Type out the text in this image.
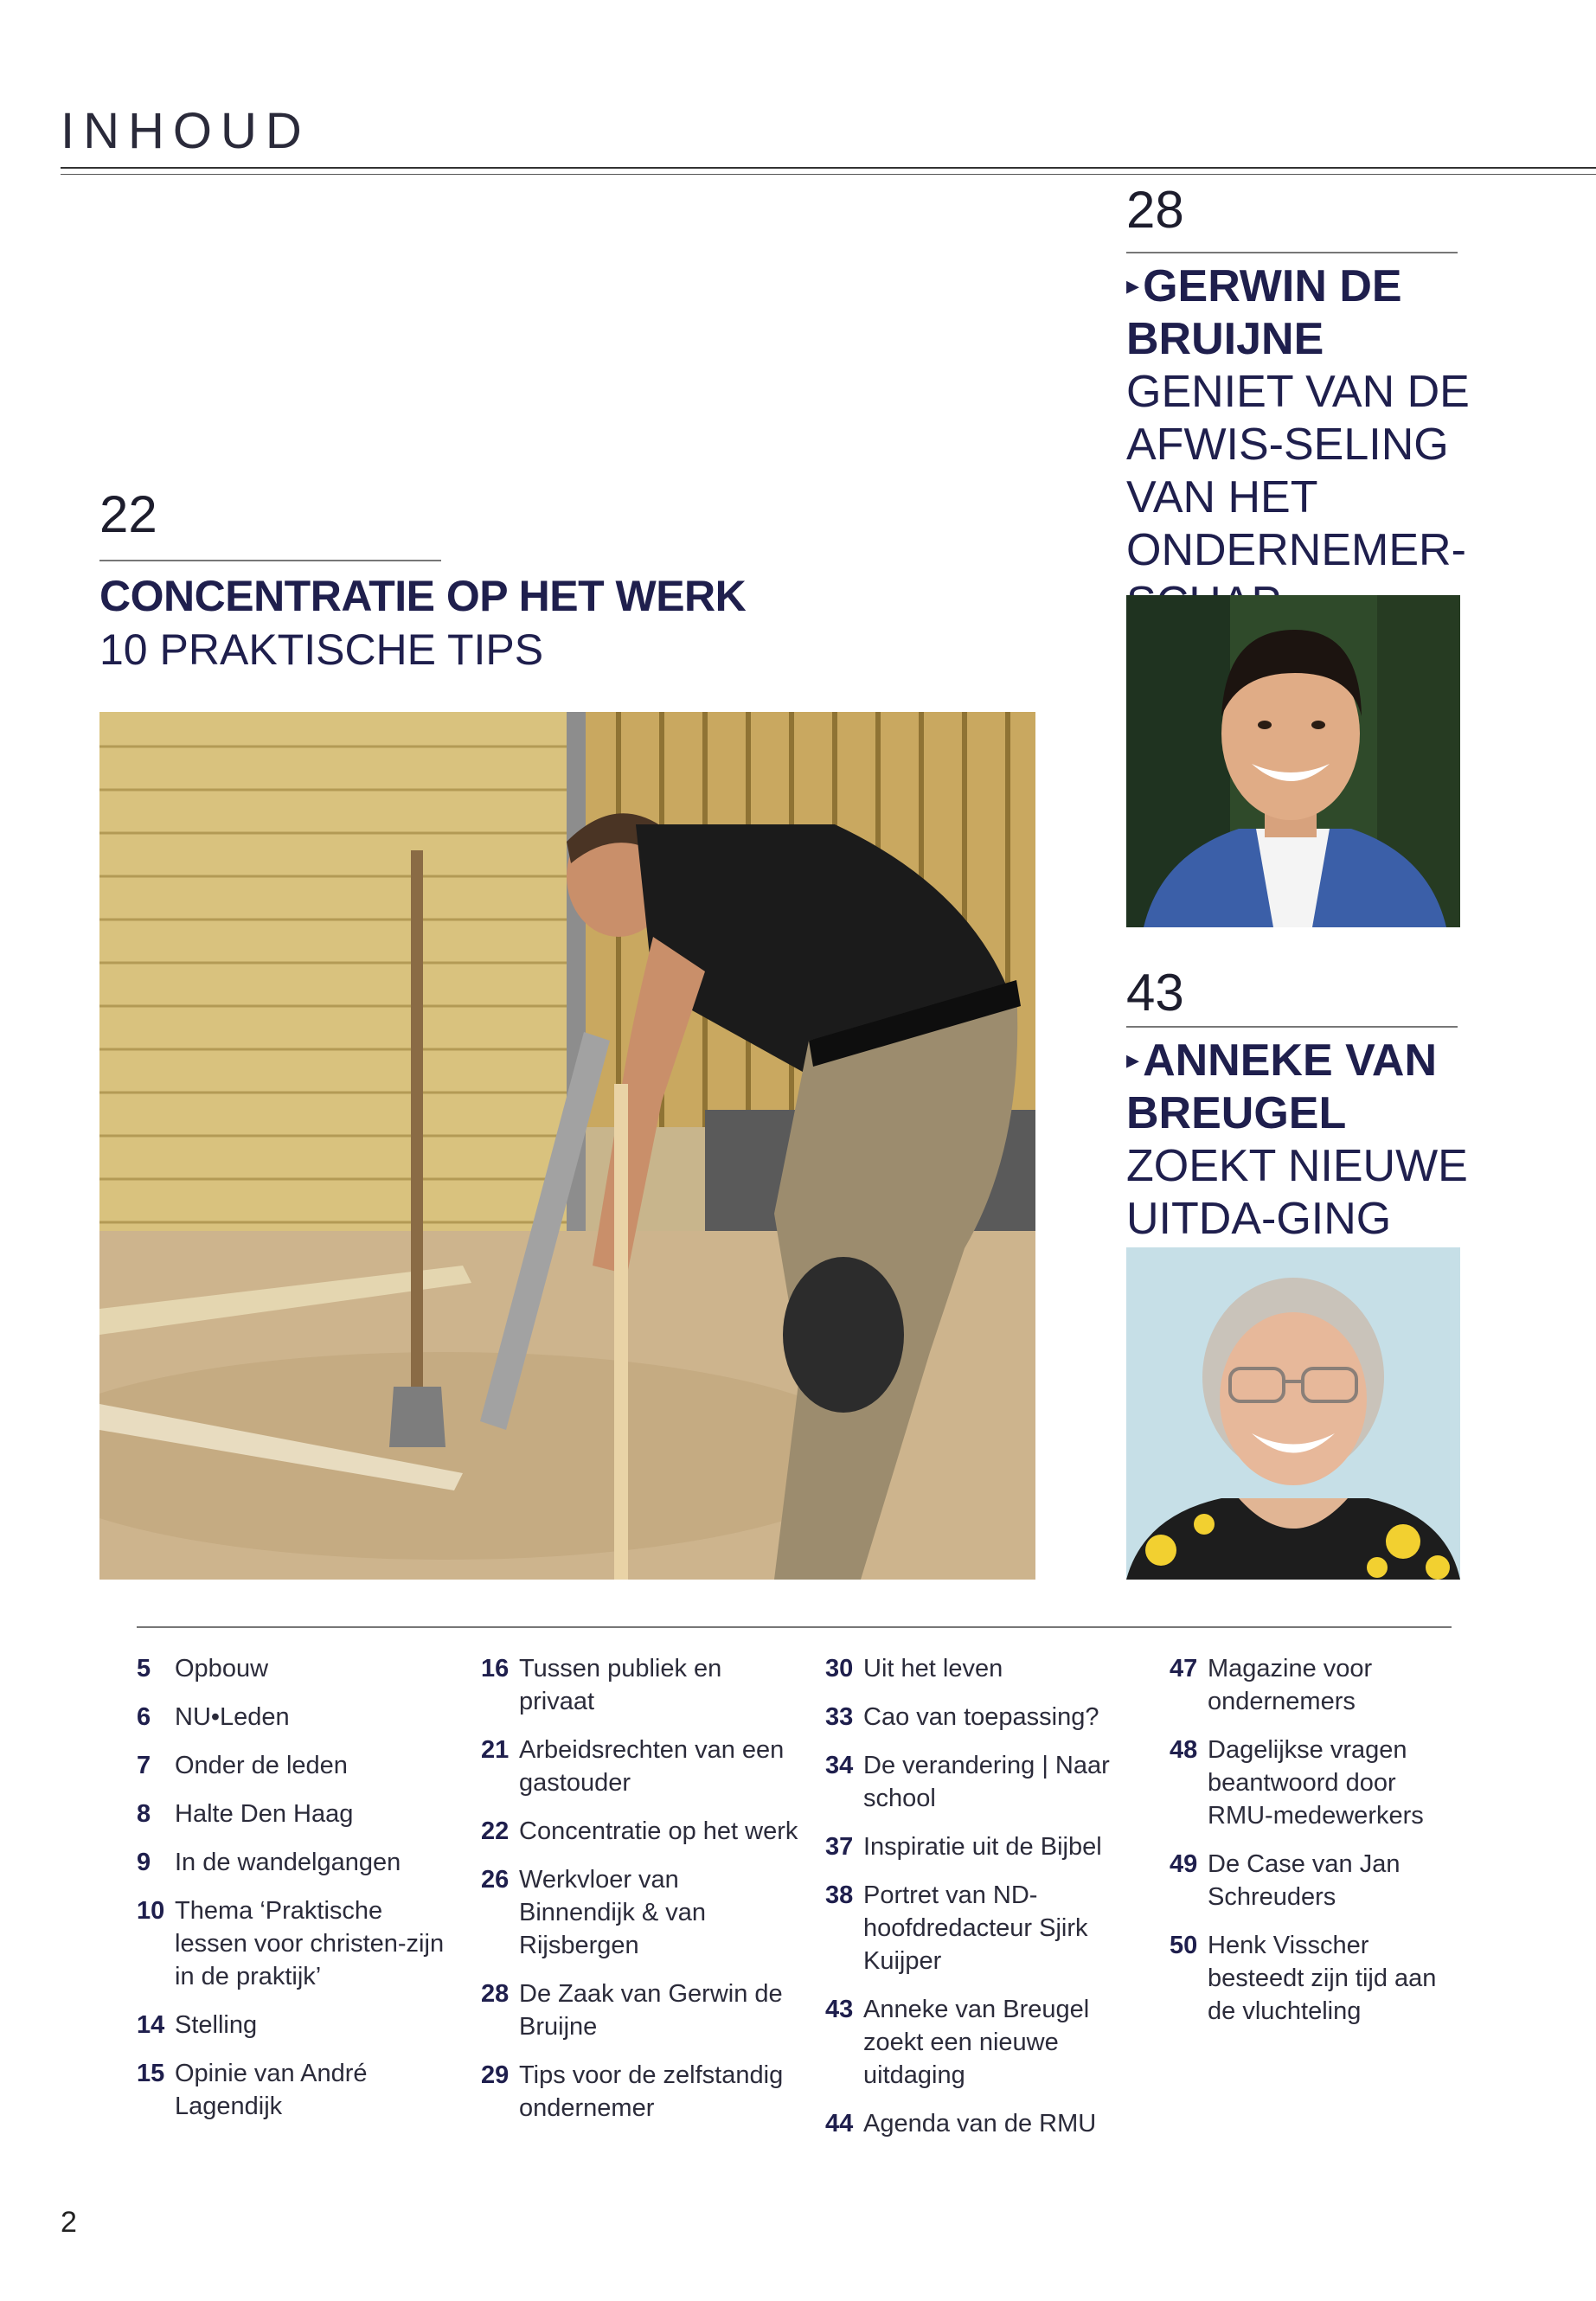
INHOUD
22
CONCENTRATIE OP HET WERK
10 PRAKTISCHE TIPS
28
▸GERWIN DE BRUIJNE GENIET VAN DE AFWIS-SELING VAN HET ONDERNEMER-
43
▸ANNEKE VAN BREUGEL ZOEKT NIEUWE UITDA-GING
5 Opbouw
6 NU•Leden
7 Onder de leden
8 Halte Den Haag
9 In de wandelgangen
10 Thema ‘Praktische lessen voor christen-zijn in de praktijk’
14 Stelling
15 Opinie van André Lagendijk
16 Tussen publiek en privaat
21 Arbeidsrechten van een gastouder
22 Concentratie op het werk
26 Werkvloer van Binnendijk & van Rijsbergen
28 De Zaak van Gerwin de Bruijne
29 Tips voor de zelfstandig ondernemer
30 Uit het leven
33 Cao van toepassing?
34 De verandering | Naar school
37 Inspiratie uit de Bijbel
38 Portret van ND-hoofdredacteur Sjirk Kuijper
43 Anneke van Breugel zoekt een nieuwe uitdaging
44 Agenda van de RMU
47 Magazine voor ondernemers
48 Dagelijkse vragen beantwoord door RMU-medewerkers
49 De Case van Jan Schreuders
50 Henk Visscher besteedt zijn tijd aan de vluchteling
2
